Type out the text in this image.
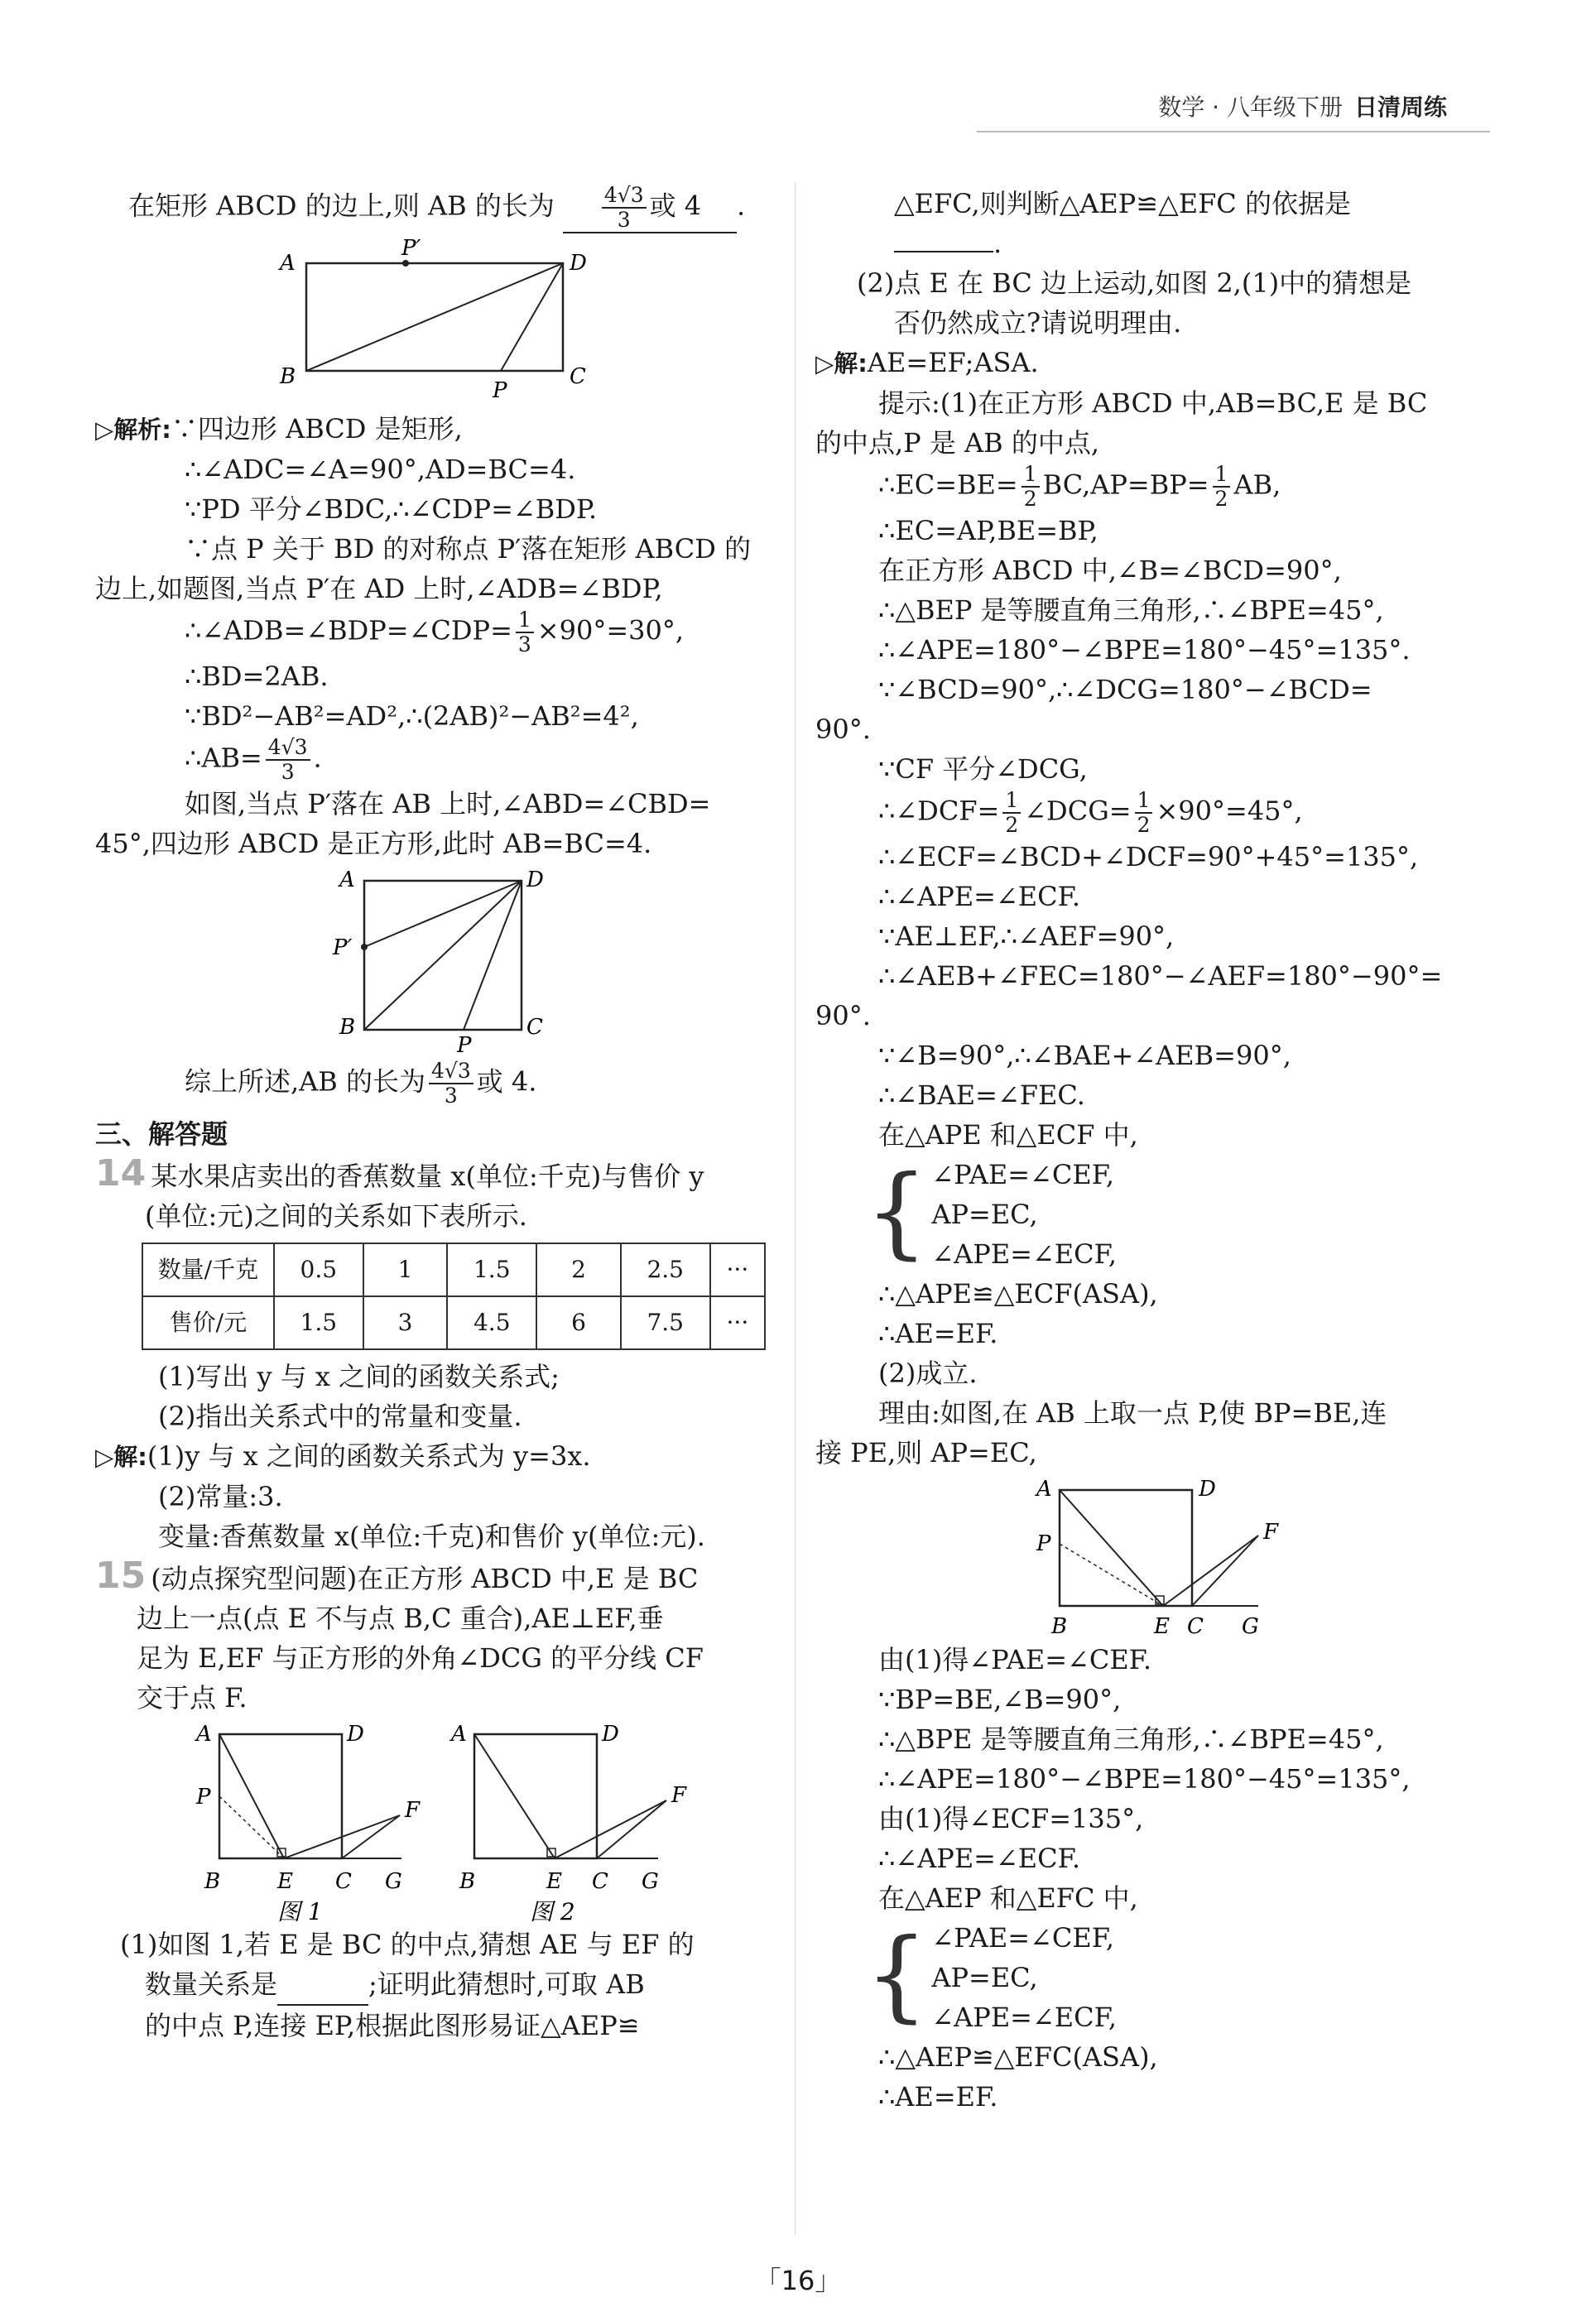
数学 · 八年级下册 日清周练

在矩形 ABCD 的边上,则 AB 的长为 $\frac{4√3}{3}$ 或 4 .

A
P′
D
B
P
C

▷解析:∵四边形 ABCD 是矩形,

∴∠ADC=∠A=90°,AD=BC=4.

∵PD 平分∠BDC,∴∠CDP=∠BDP.

∵点 P 关于 BD 的对称点 P′落在矩形 ABCD 的

边上,如题图,当点 P′在 AD 上时,∠ADB=∠BDP,

∴∠ADB=∠BDP=∠CDP= $\frac{1}{3} \times 90^\circ=30^\circ$,

∴BD=2AB.

∵BD²−AB²=AD²,∴(2AB)²−AB²=4²,

∴AB= $\frac{4√3}{3}$ .

如图,当点 P′落在 AB 上时,∠ABD=∠CBD=

45°,四边形 ABCD 是正方形,此时 AB=BC=4.

A	D
P′
B
P
C

综上所述,AB 的长为 $\frac{4√3}{3}$ 或 4.

三、解答题

14 某水果店卖出的香蕉数量 x(单位:千克)与售价 y

(单位:元)之间的关系如下表所示.

数量/千克	0.5	1	1.5	2	2.5	···
售价/元	1.5	3	4.5	6	7.5	···

(1)写出 y 与 x 之间的函数关系式;

(2)指出关系式中的常量和变量.

▷解:(1)y 与 x 之间的函数关系式为 y=3x.

(2)常量:3.

变量:香蕉数量 x(单位:千克)和售价 y(单位:元).

15 (动点探究型问题)在正方形 ABCD 中,E 是 BC

边上一点(点 E 不与点 B,C 重合),AE⊥EF,垂

足为 E,EF 与正方形的外角∠DCG 的平分线 CF

交于点 F.

A	D
P
B	E C G
F
图 1
A	D
B	E C G
F
图 2

(1)如图 1,若 E 是 BC 的中点,猜想 AE 与 EF 的

数量关系是	;证明此猜想时,可取 AB

的中点 P,连接 EP,根据此图形易证△AEP≌

△EFC,则判断△AEP≌△EFC 的依据是

.

(2)点 E 在 BC 边上运动,如图 2,(1)中的猜想是

否仍然成立?请说明理由.

▷解:AE=EF;ASA.

提示:(1)在正方形 ABCD 中,AB=BC,E 是 BC

的中点,P 是 AB 的中点,

∴EC=BE= $\frac{1}{2} BC,AP=BP= \frac{1}{2}$ AB,

∴EC=AP,BE=BP,

在正方形 ABCD 中,∠B=∠BCD=90°,

∴△BEP 是等腰直角三角形,∴∠BPE=45°,

∴∠APE=180°−∠BPE=180°−45°=135°.

∵∠BCD=90°,∴∠DCG=180°−∠BCD=

90°.

∵CF 平分∠DCG,

∴∠DCF= $\frac{1}{2}$ ∠DCG= $\frac{1}{2} \times 90^\circ=45^\circ$,

∴∠ECF=∠BCD+∠DCF=90°+45°=135°,

∴∠APE=∠ECF.

∵AE⊥EF,∴∠AEF=90°,

∴∠AEB+∠FEC=180°−∠AEF=180°−90°=

90°.

∵∠B=90°,∴∠BAE+∠AEB=90°,

∴∠BAE=∠FEC.

在△APE 和△ECF 中,

{ ∠PAE=∠CEF,

AP=EC,

∠APE=∠ECF,

∴△APE≌△ECF(ASA),

∴AE=EF.

(2)成立.

理由:如图,在 AB 上取一点 P,使 BP=BE,连

接 PE,则 AP=EC,

A	D
P	F
B	E C G

由(1)得∠PAE=∠CEF.

∵BP=BE,∠B=90°,

∴△BPE 是等腰直角三角形,∴∠BPE=45°,

∴∠APE=180°−∠BPE=180°−45°=135°,

由(1)得∠ECF=135°,

∴∠APE=∠ECF.

在△AEP 和△EFC 中,

{ ∠PAE=∠CEF,

AP=EC,

∠APE=∠ECF,

∴△AEP≌△EFC(ASA),

∴AE=EF.

「16」
